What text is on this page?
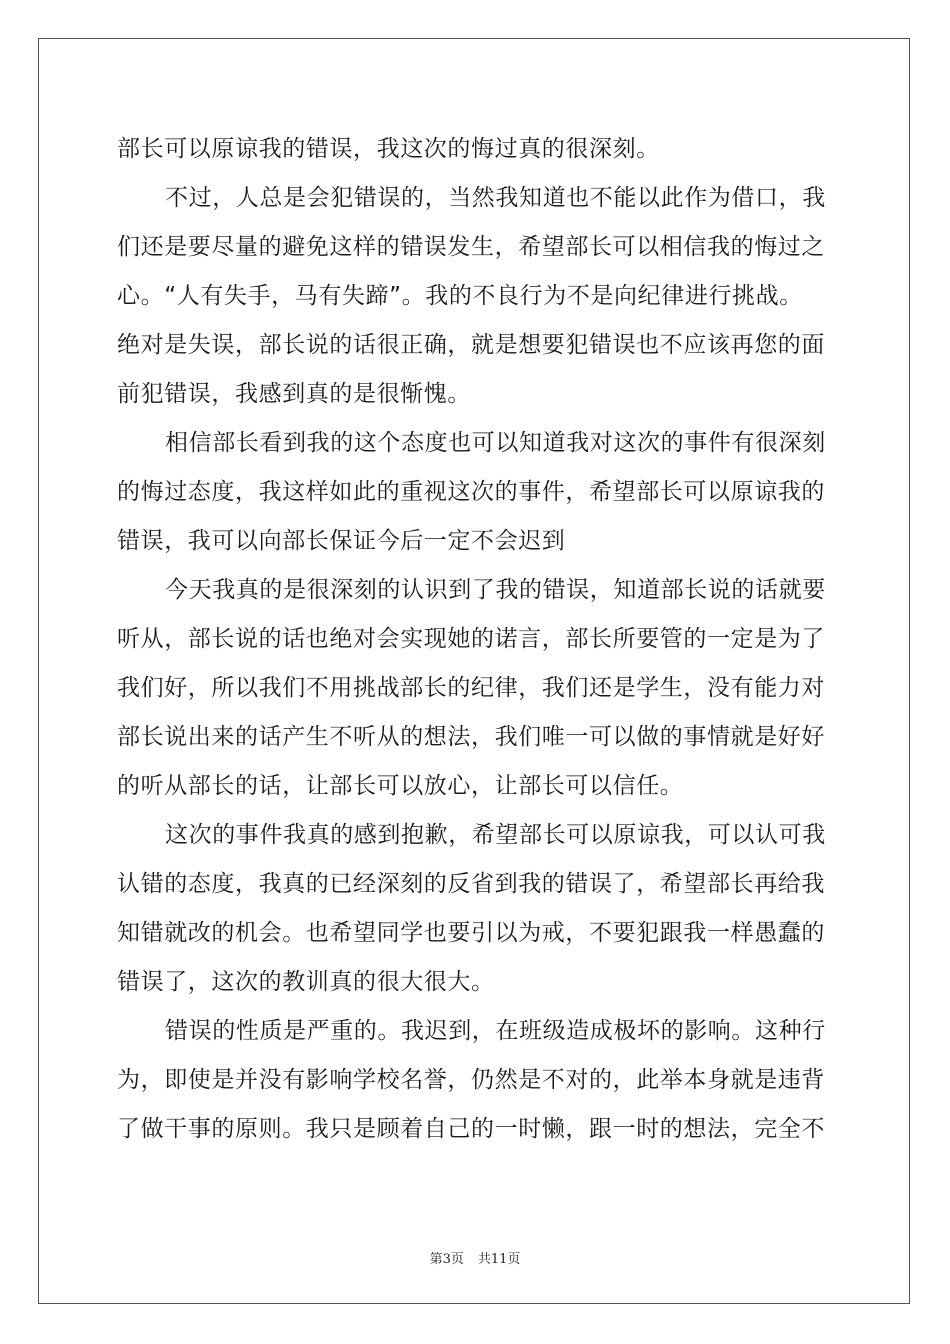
部长可以原谅我的错误，我这次的悔过真的很深刻。
不过，人总是会犯错误的，当然我知道也不能以此作为借口，我
们还是要尽量的避免这样的错误发生，希望部长可以相信我的悔过之
心。“人有失手，马有失蹄”。我的不良行为不是向纪律进行挑战。
绝对是失误，部长说的话很正确，就是想要犯错误也不应该再您的面
前犯错误，我感到真的是很惭愧。
相信部长看到我的这个态度也可以知道我对这次的事件有很深刻
的悔过态度，我这样如此的重视这次的事件，希望部长可以原谅我的
错误，我可以向部长保证今后一定不会迟到
今天我真的是很深刻的认识到了我的错误，知道部长说的话就要
听从，部长说的话也绝对会实现她的诺言，部长所要管的一定是为了
我们好，所以我们不用挑战部长的纪律，我们还是学生，没有能力对
部长说出来的话产生不听从的想法，我们唯一可以做的事情就是好好
的听从部长的话，让部长可以放心，让部长可以信任。
这次的事件我真的感到抱歉，希望部长可以原谅我，可以认可我
认错的态度，我真的已经深刻的反省到我的错误了，希望部长再给我
知错就改的机会。也希望同学也要引以为戒，不要犯跟我一样愚蠢的
错误了，这次的教训真的很大很大。
错误的性质是严重的。我迟到，在班级造成极坏的影响。这种行
为，即使是并没有影响学校名誉，仍然是不对的，此举本身就是违背
了做干事的原则。我只是顾着自己的一时懒，跟一时的想法，完全不
第3页 共11页
